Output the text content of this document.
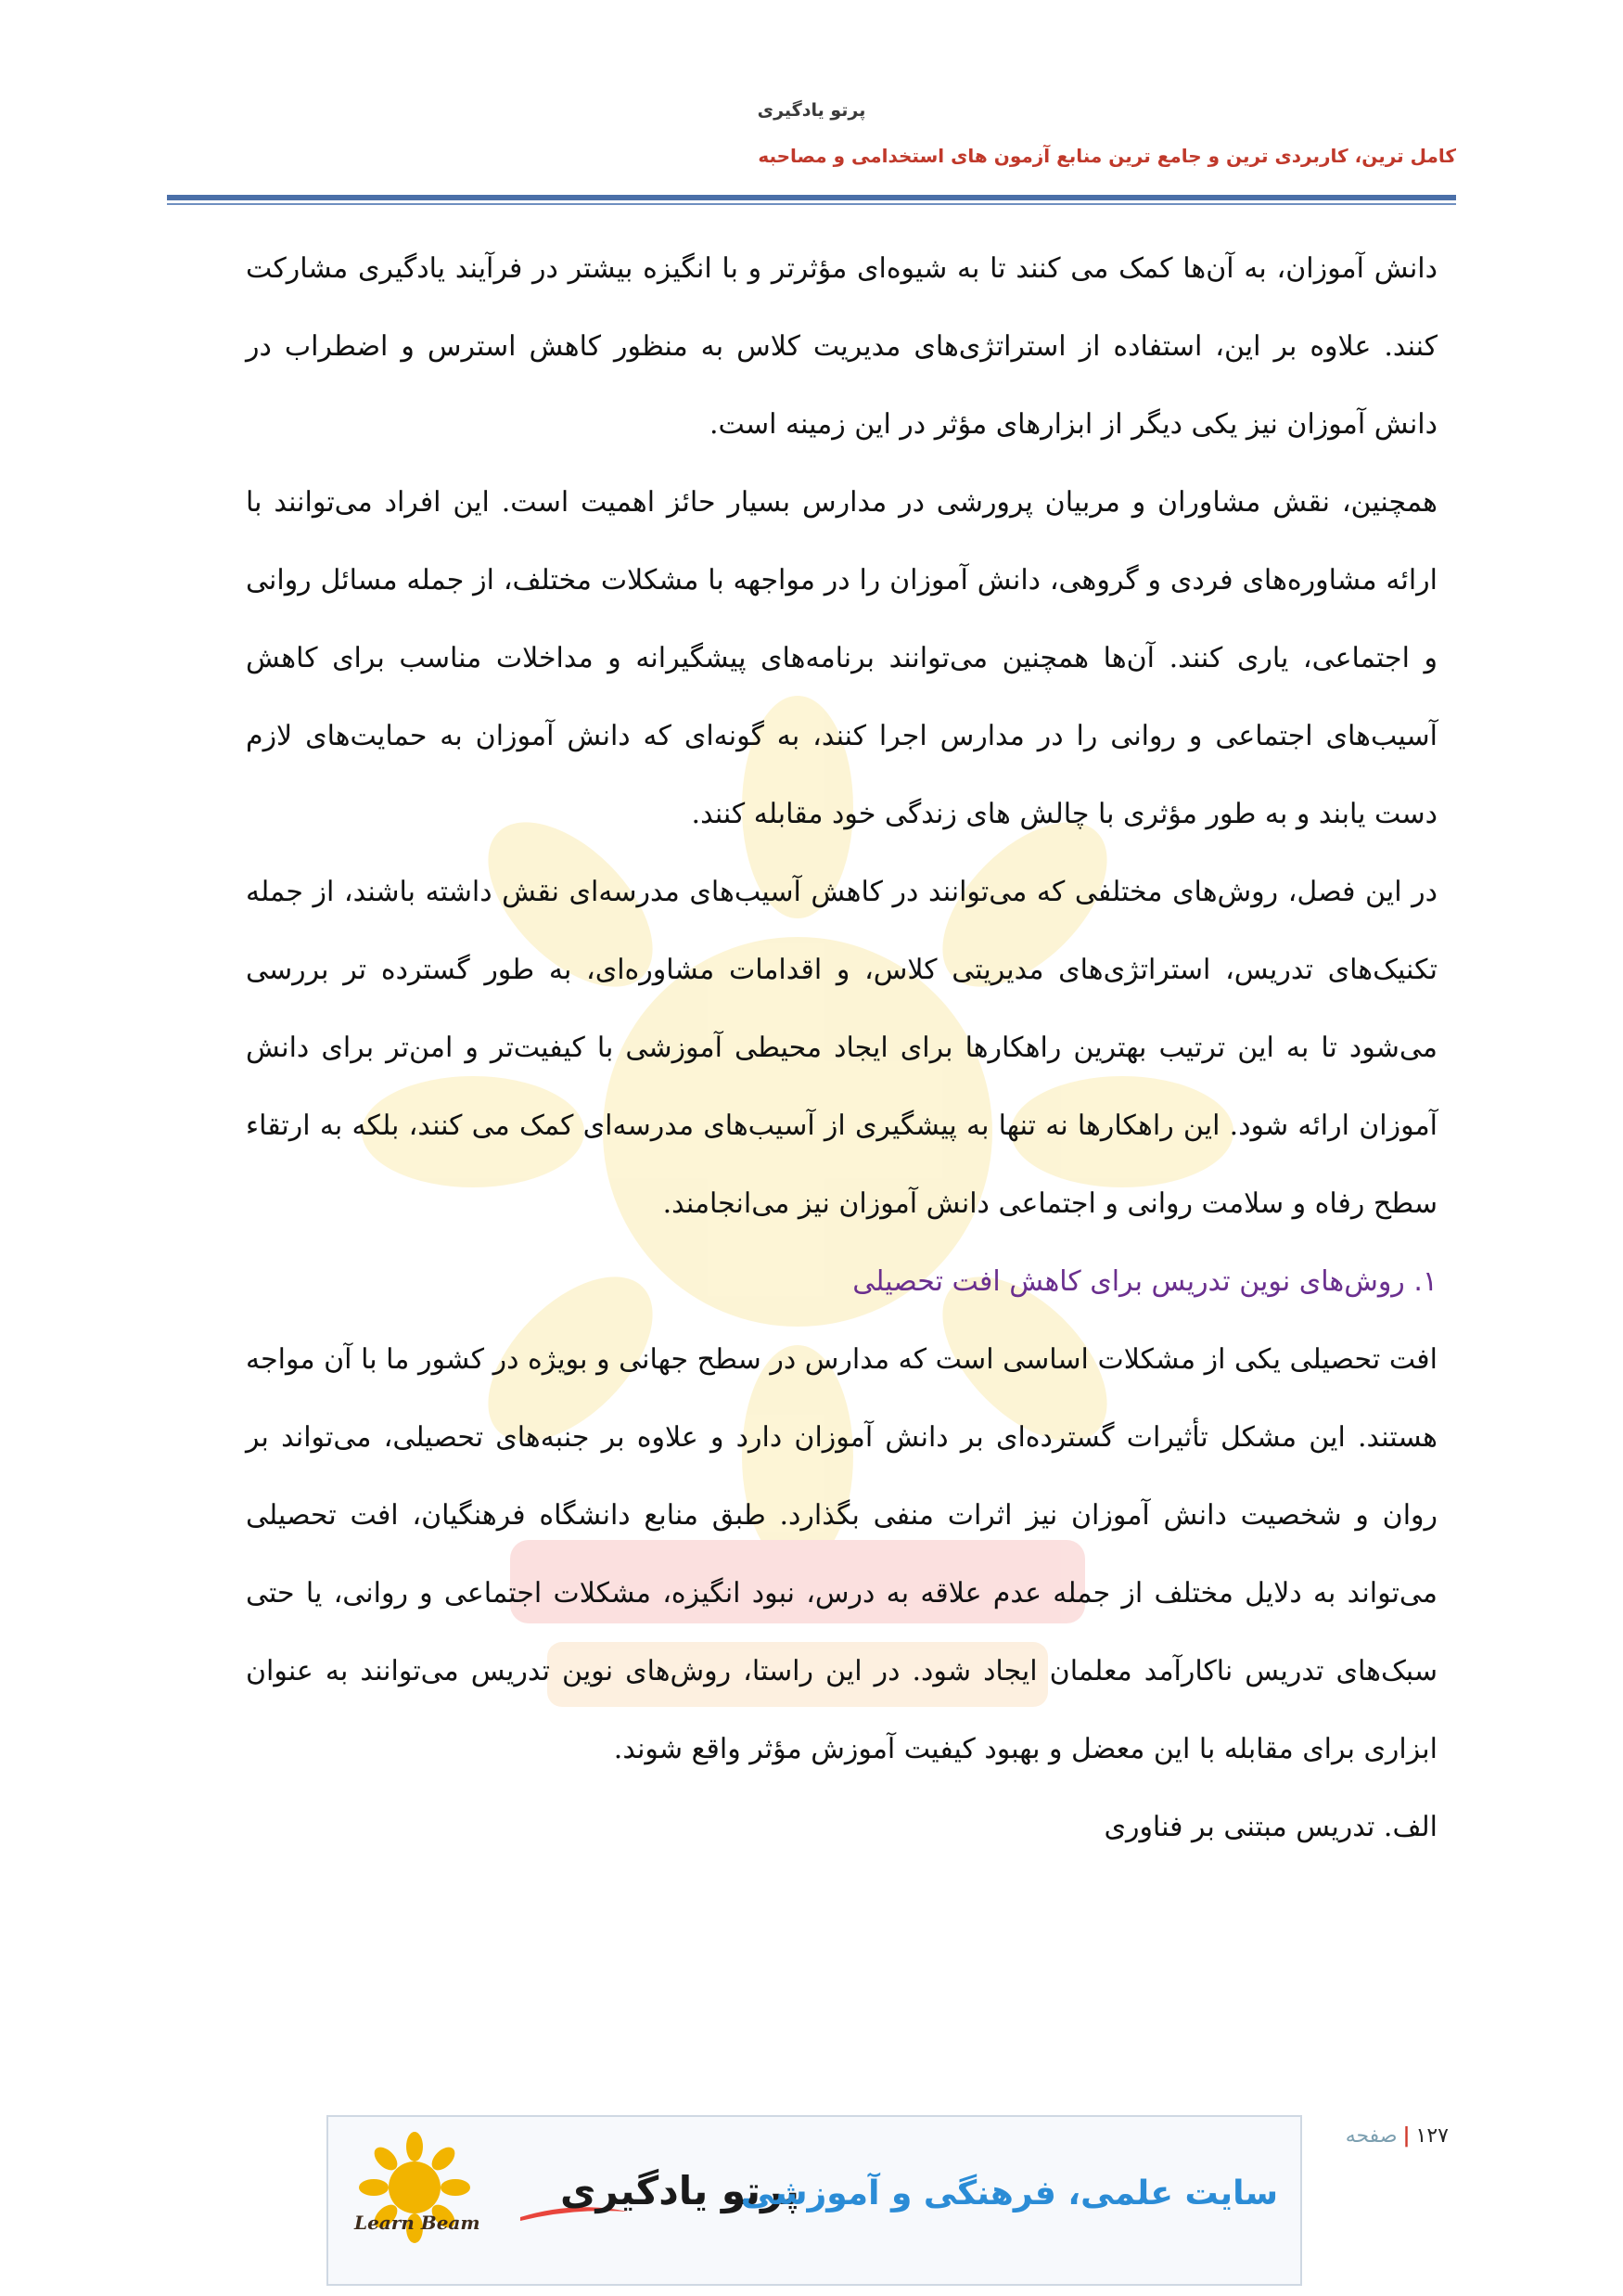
پرتو یادگیری
کامل ترین، کاربردی ترین و جامع ترین منابع آزمون های استخدامی و مصاحبه

دانش آموزان، به آن‌ها کمک می کنند تا به شیوه‌ای مؤثرتر و با انگیزه بیشتر در فرآیند یادگیری مشارکت کنند. علاوه بر این، استفاده از استراتژی‌های مدیریت کلاس به منظور کاهش استرس و اضطراب در دانش آموزان نیز یکی دیگر از ابزارهای مؤثر در این زمینه است.

همچنین، نقش مشاوران و مربیان پرورشی در مدارس بسیار حائز اهمیت است. این افراد می‌توانند با ارائه مشاوره‌های فردی و گروهی، دانش آموزان را در مواجهه با مشکلات مختلف، از جمله مسائل روانی و اجتماعی، یاری کنند. آن‌ها همچنین می‌توانند برنامه‌های پیشگیرانه و مداخلات مناسب برای کاهش آسیب‌های اجتماعی و روانی را در مدارس اجرا کنند، به گونه‌ای که دانش آموزان به حمایت‌های لازم دست یابند و به طور مؤثری با چالش های زندگی خود مقابله کنند.

در این فصل، روش‌های مختلفی که می‌توانند در کاهش آسیب‌های مدرسه‌ای نقش داشته باشند، از جمله تکنیک‌های تدریس، استراتژی‌های مدیریتی کلاس، و اقدامات مشاوره‌ای، به طور گسترده تر بررسی می‌شود تا به این ترتیب بهترین راهکارها برای ایجاد محیطی آموزشی با کیفیت‌تر و امن‌تر برای دانش آموزان ارائه شود. این راهکارها نه تنها به پیشگیری از آسیب‌های مدرسه‌ای کمک می کنند، بلکه به ارتقاء سطح رفاه و سلامت روانی و اجتماعی دانش آموزان نیز می‌انجامند.

۱. روش‌های نوین تدریس برای کاهش افت تحصیلی

افت تحصیلی یکی از مشکلات اساسی است که مدارس در سطح جهانی و بویژه در کشور ما با آن مواجه هستند. این مشکل تأثیرات گسترده‌ای بر دانش آموزان دارد و علاوه بر جنبه‌های تحصیلی، می‌تواند بر روان و شخصیت دانش آموزان نیز اثرات منفی بگذارد. طبق منابع دانشگاه فرهنگیان، افت تحصیلی می‌تواند به دلایل مختلف از جمله عدم علاقه به درس، نبود انگیزه، مشکلات اجتماعی و روانی، یا حتی سبک‌های تدریس ناکارآمد معلمان ایجاد شود. در این راستا، روش‌های نوین تدریس می‌توانند به عنوان ابزاری برای مقابله با این معضل و بهبود کیفیت آموزش مؤثر واقع شوند.

الف. تدریس مبتنی بر فناوری

۱۲۷|صفحه
Learn Beam
پرتو یادگیری
سایت علمی، فرهنگی و آموزشی
